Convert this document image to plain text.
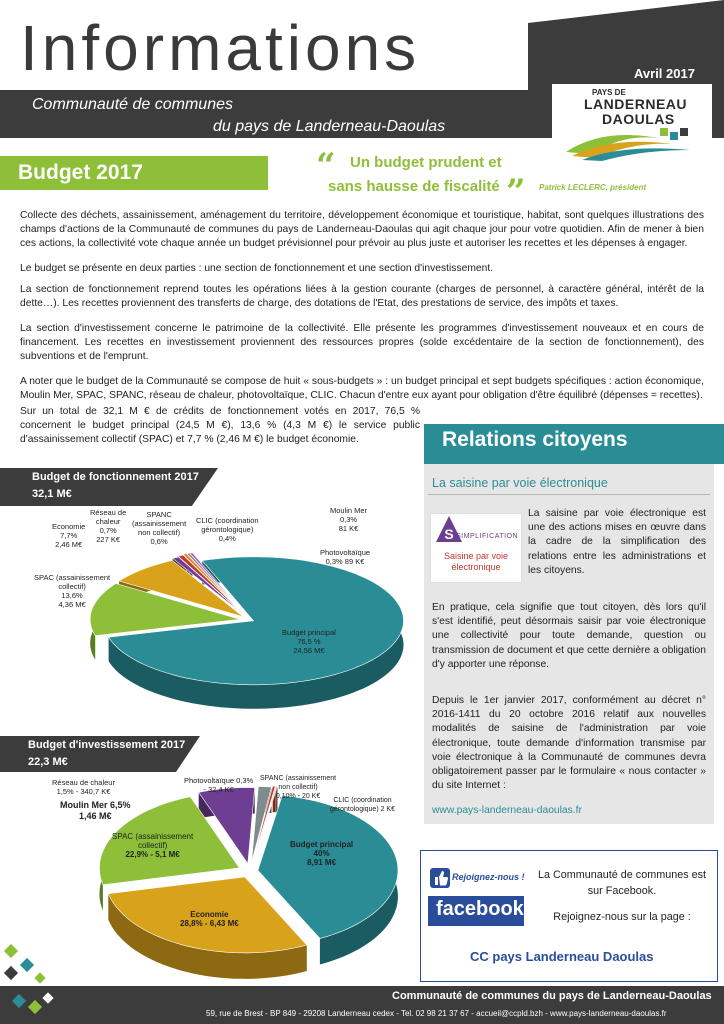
Informations	Avril 2017
Communauté de communes
du pays de Landerneau-Daoulas
PAYS DE
LANDERNEAU
DAOULAS
Budget 2017	“ Un budget prudent et
sans hausse de fiscalité ” Patrick LECLERC, président
Collecte des déchets, assainissement, aménagement du territoire, développement économique et touristique, habitat, sont quelques illustrations des champs d'actions de la Communauté de communes du pays de Landerneau-Daoulas qui agit chaque jour pour votre quotidien. Afin de mener à bien ces actions, la collectivité vote chaque année un budget prévisionnel pour prévoir au plus juste et autoriser les recettes et les dépenses à engager.
Le budget se présente en deux parties : une section de fonctionnement et une section d'investissement.
La section de fonctionnement reprend toutes les opérations liées à la gestion courante (charges de personnel, à caractère général, intérêt de la dette…). Les recettes proviennent des transferts de charge, des dotations de l'Etat, des prestations de service, des impôts et taxes.
La section d'investissement concerne le patrimoine de la collectivité. Elle présente les programmes d'investissement nouveaux et en cours de financement. Les recettes en investissement proviennent des ressources propres (solde excédentaire de la section de fonctionnement), des subventions et de l'emprunt.
A noter que le budget de la Communauté se compose de huit « sous-budgets » : un budget principal et sept budgets spécifiques : action économique, Moulin Mer, SPAC, SPANC, réseau de chaleur, photovoltaïque, CLIC. Chacun d'entre eux ayant pour obligation d'être équilibré (dépenses = recettes).
Sur un total de 32,1 M € de crédits de fonctionnement votés en 2017, 76,5 % concernent le budget principal (24,5 M €), 13,6 % (4,3 M €) le service public d'assainissement collectif (SPAC) et 7,7 % (2,46 M €) le budget économie.
Budget de fonctionnement 2017
32,1 M€
Economie
7,7%
2,46 M€
Réseau de
chaleur
0,7%
227 K€
SPANC
(assainissement
non collectif)
0,6%
CLIC (coordination
gérontologique)
0,4%
Moulin Mer
0,3%
81 K€
Photovoltaïque
0,3% 89 K€
SPAC (assainissement
collectif)
13,6%
4,36 M€
Budget principal
76,5 %
24,56 M€
Budget d'investissement 2017
22,3 M€
Réseau de chaleur
1,5% - 340,7 K€
Moulin Mer 6,5%
1,46 M€
Photovoltaïque 0,3%
- 32,4 K€
SPANC (assainissement
non collectif)
0,10% - 20 K€
CLIC (coordination
gérontologique) 2 K€
SPAC (assainissement
collectif)
22,9% - 5,1 M€
Budget principal
40%
8,91 M€
Economie
28,8% - 6,43 M€
Relations citoyens
La saisine par voie électronique
S SIMPLIFICATION
Saisine par voie électronique
La saisine par voie électronique est une des actions mises en œuvre dans la cadre de la simplification des relations entre les administrations et les citoyens.
En pratique, cela signifie que tout citoyen, dès lors qu'il s'est identifié, peut désormais saisir par voie électronique une collectivité pour toute demande, question ou transmission de document et que cette dernière a obligation d'y apporter une réponse.
Depuis le 1er janvier 2017, conformément au décret n° 2016-1411 du 20 octobre 2016 relatif aux nouvelles modalités de saisine de l'administration par voie électronique, toute demande d'information transmise par voie électronique à la Communauté de communes devra obligatoirement passer par le formulaire « nous contacter » du site Internet :
www.pays-landerneau-daoulas.fr
Rejoignez-nous !
facebook
La Communauté de communes est sur Facebook.
Rejoignez-nous sur la page :
CC pays Landerneau Daoulas
Communauté de communes du pays de Landerneau-Daoulas
59, rue de Brest - BP 849 - 29208 Landerneau cedex - Tel. 02 98 21 37 67 - accueil@ccpld.bzh - www.pays-landerneau-daoulas.fr
